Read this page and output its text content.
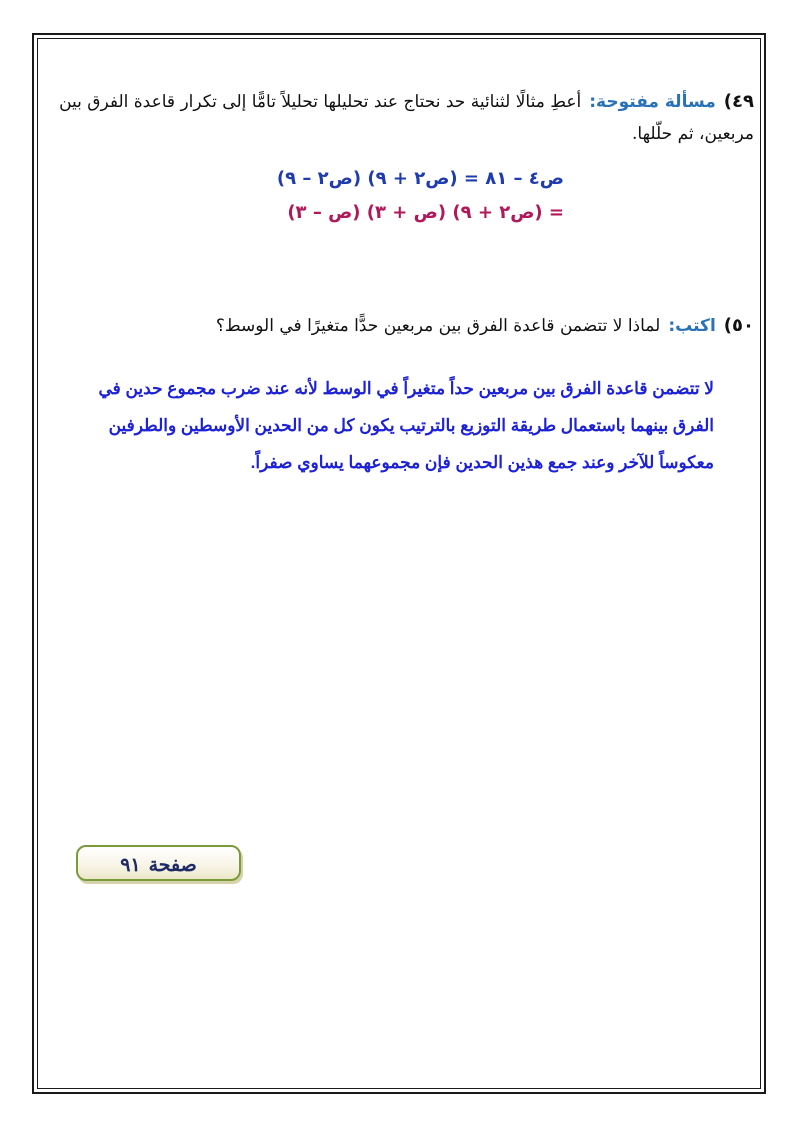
٤٩)مسألة مفتوحة:أعطِ مثالًا لثنائية حد نحتاج عند تحليلها تحليلاً تامًّا إلى تكرار قاعدة الفرق بين مربعين، ثم حلّلها.
ص٤ – ٨١ = (ص٢ + ٩) (ص٢ – ٩)
= (ص٢ + ٩) (ص + ٣) (ص – ٣)
٥٠)اكتب:لماذا لا تتضمن قاعدة الفرق بين مربعين حدًّا متغيرًا في الوسط؟
لا تتضمن قاعدة الفرق بين مربعين حداً متغيراً في الوسط لأنه عند ضرب مجموع حدين في الفرق بينهما باستعمال طريقة التوزيع بالترتيب يكون كل من الحدين الأوسطين والطرفين معكوساً للآخر وعند جمع هذين الحدين فإن مجموعهما يساوي صفراً.
صفحة٩١
